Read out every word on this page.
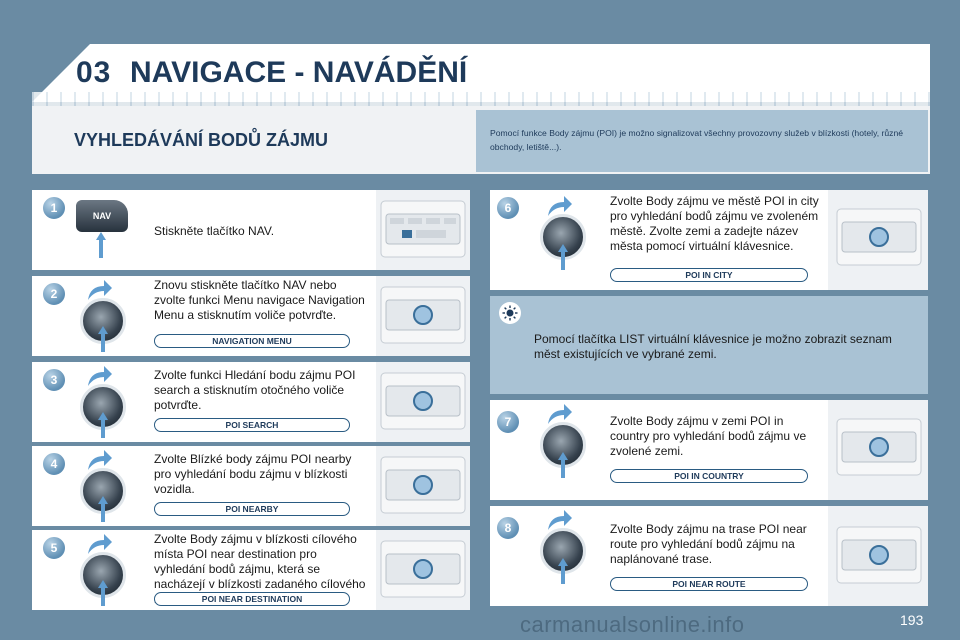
03 NAVIGACE - NAVÁDĚNÍ
VYHLEDÁVÁNÍ BODŮ ZÁJMU	Pomocí funkce Body zájmu (POI) je možno signalizovat všechny provozovny služeb v blízkosti (hotely, různé obchody, letiště...).
1
NAV
Stiskněte tlačítko NAV.
2
Znovu stiskněte tlačítko NAV nebo zvolte funkci Menu navigace Navigation Menu a stisknutím voliče potvrďte.
NAVIGATION MENU
3	Zvolte funkci Hledání bodu zájmu POI search a stisknutím otočného voliče potvrďte.
POI SEARCH
4	Zvolte Blízké body zájmu POI nearby pro vyhledání bodu zájmu v blízkosti vozidla.
POI NEARBY
5
Zvolte Body zájmu v blízkosti cílového místa POI near destination pro vyhledání bodů zájmu, která se nacházejí v blízkosti zadaného cílového
POI NEAR DESTINATION
6	Zvolte Body zájmu ve městě POI in city pro vyhledání bodů zájmu ve zvoleném městě. Zvolte zemi a zadejte název města pomocí virtuální klávesnice.
POI IN CITY
Pomocí tlačítka LIST virtuální klávesnice je možno zobrazit seznam měst existujících ve vybrané zemi.
7	Zvolte Body zájmu v zemi POI in country pro vyhledání bodů zájmu ve zvolené zemi.
POI IN COUNTRY
8	Zvolte Body zájmu na trase POI near route pro vyhledání bodů zájmu na naplánované trase.
POI NEAR ROUTE
carmanualsonline.info	193
